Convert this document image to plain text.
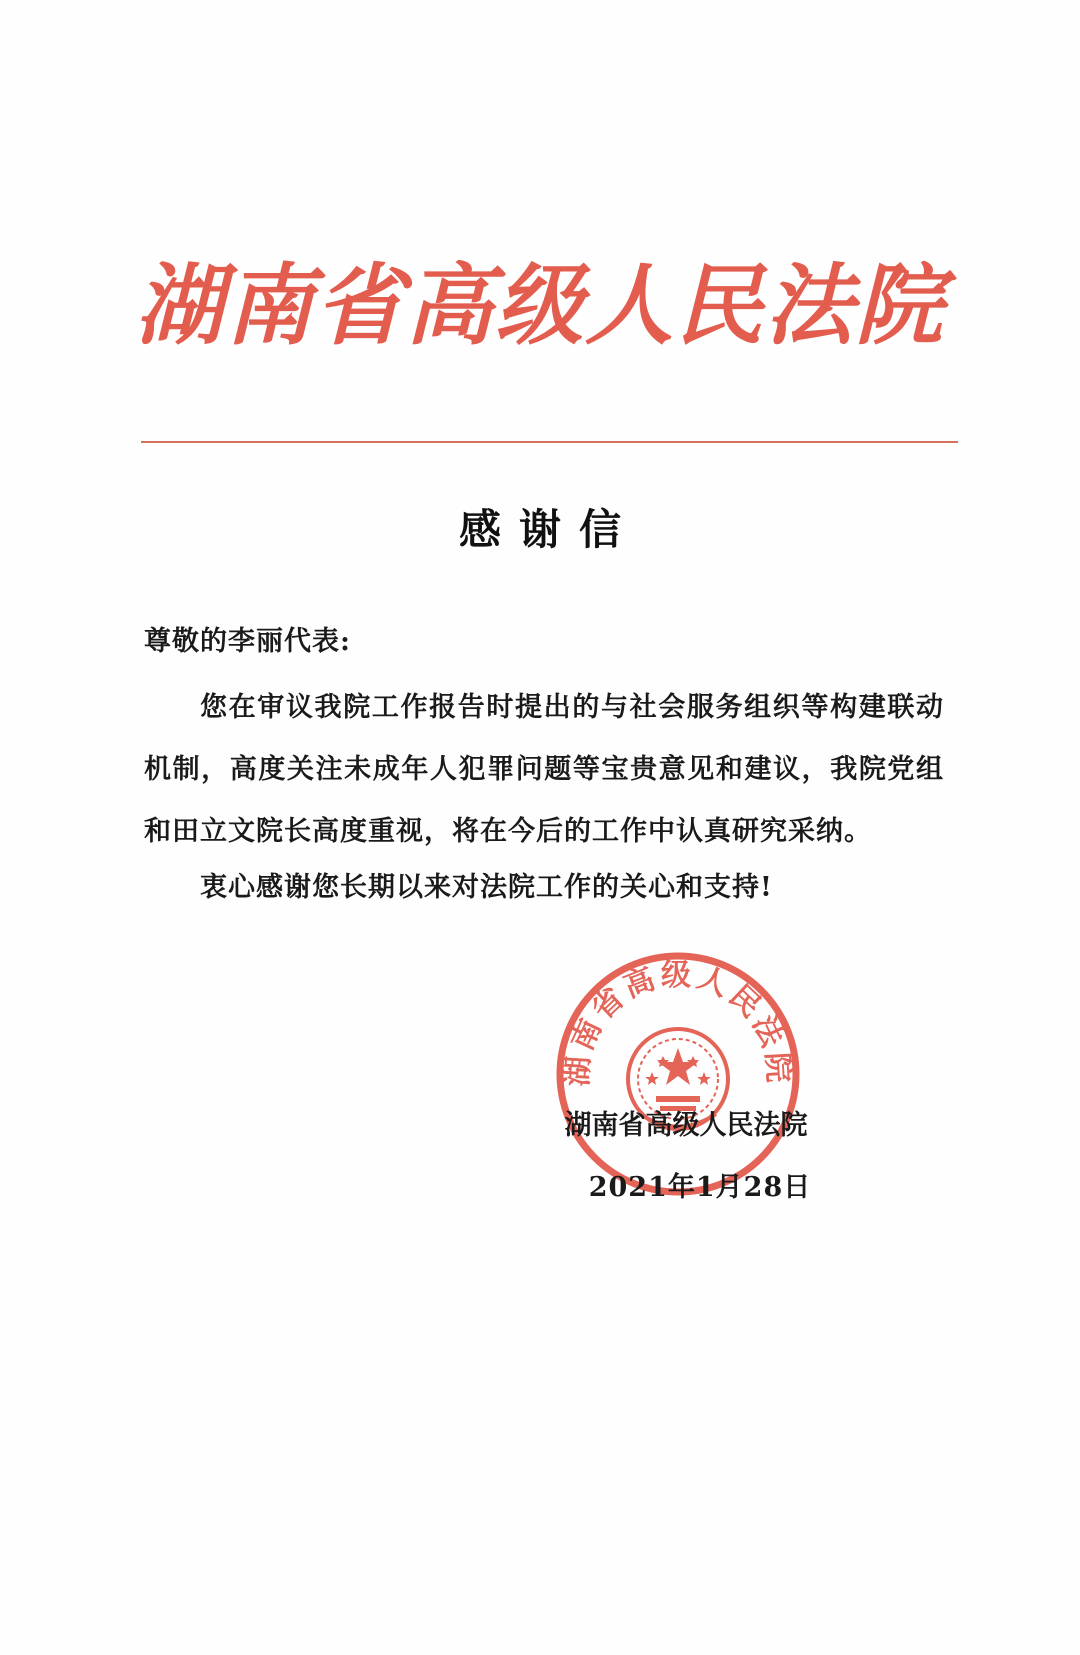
湖南省高级人民法院
感谢信
尊敬的李丽代表:
您在审议我院工作报告时提出的与社会服务组织等构建联动机制，高度关注未成年人犯罪问题等宝贵意见和建议，我院党组和田立文院长高度重视，将在今后的工作中认真研究采纳。
衷心感谢您长期以来对法院工作的关心和支持!
湖南省高级人民法院
湖南省高级人民法院
2021年1月28日
